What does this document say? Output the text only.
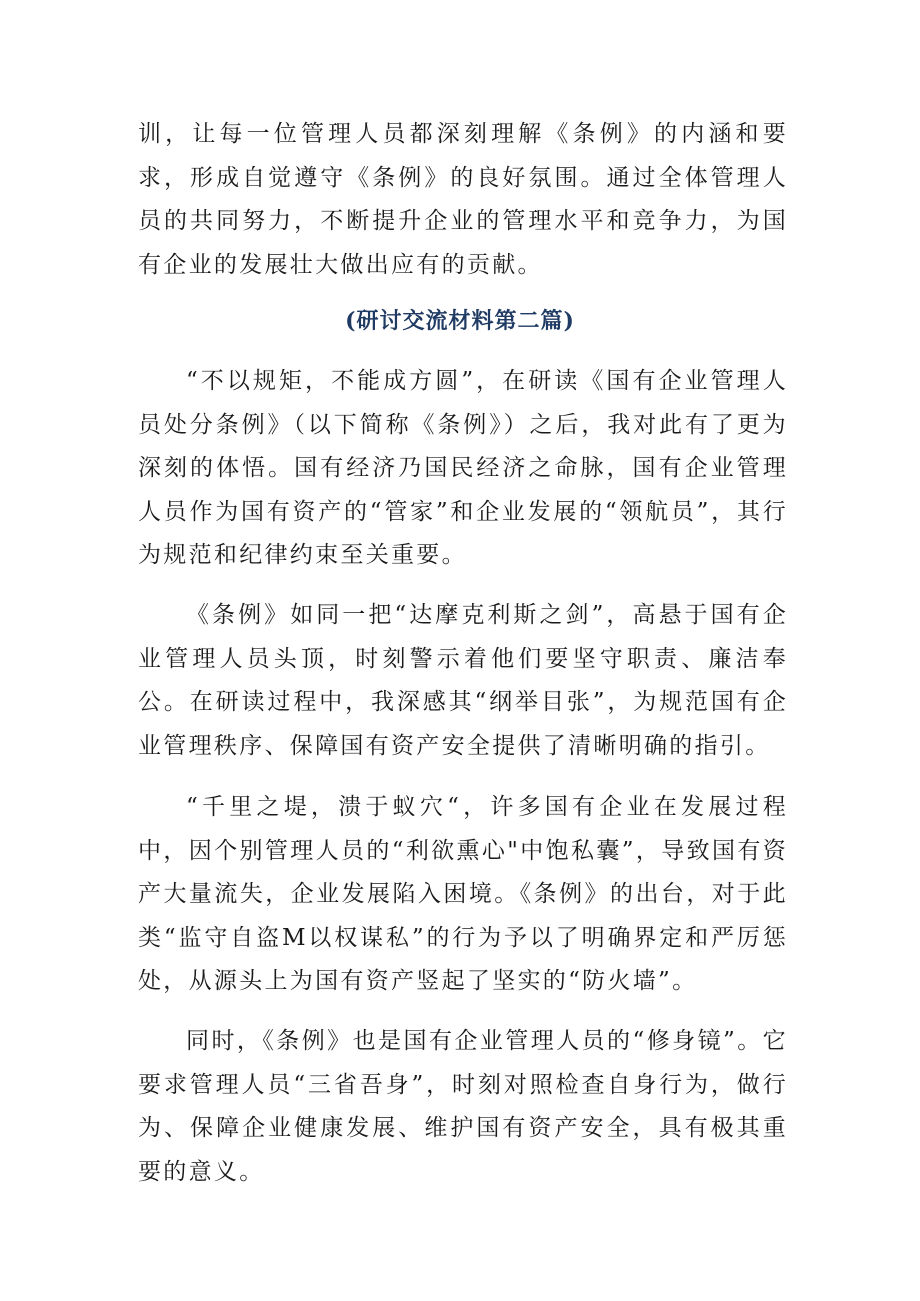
训，让每一位管理人员都深刻理解《条例》的内涵和要求，形成自觉遵守《条例》的良好氛围。通过全体管理人员的共同努力，不断提升企业的管理水平和竞争力，为国有企业的发展壮大做出应有的贡献。

(研讨交流材料第二篇)

“不以规矩，不能成方圆”，在研读《国有企业管理人员处分条例》（以下简称《条例》）之后，我对此有了更为深刻的体悟。国有经济乃国民经济之命脉，国有企业管理人员作为国有资产的“管家”和企业发展的“领航员”，其行为规范和纪律约束至关重要。

《条例》如同一把“达摩克利斯之剑”，高悬于国有企业管理人员头顶，时刻警示着他们要坚守职责、廉洁奉公。在研读过程中，我深感其“纲举目张”，为规范国有企业管理秩序、保障国有资产安全提供了清晰明确的指引。

“千里之堤，溃于蚁穴“，许多国有企业在发展过程中，因个别管理人员的“利欲熏心"中饱私囊”，导致国有资产大量流失，企业发展陷入困境。《条例》的出台，对于此类“监守自盗M以权谋私”的行为予以了明确界定和严厉惩处，从源头上为国有资产竖起了坚实的“防火墙”。

同时，《条例》也是国有企业管理人员的“修身镜”。它要求管理人员“三省吾身”，时刻对照检查自身行为，做行为、保障企业健康发展、维护国有资产安全，具有极其重要的意义。
